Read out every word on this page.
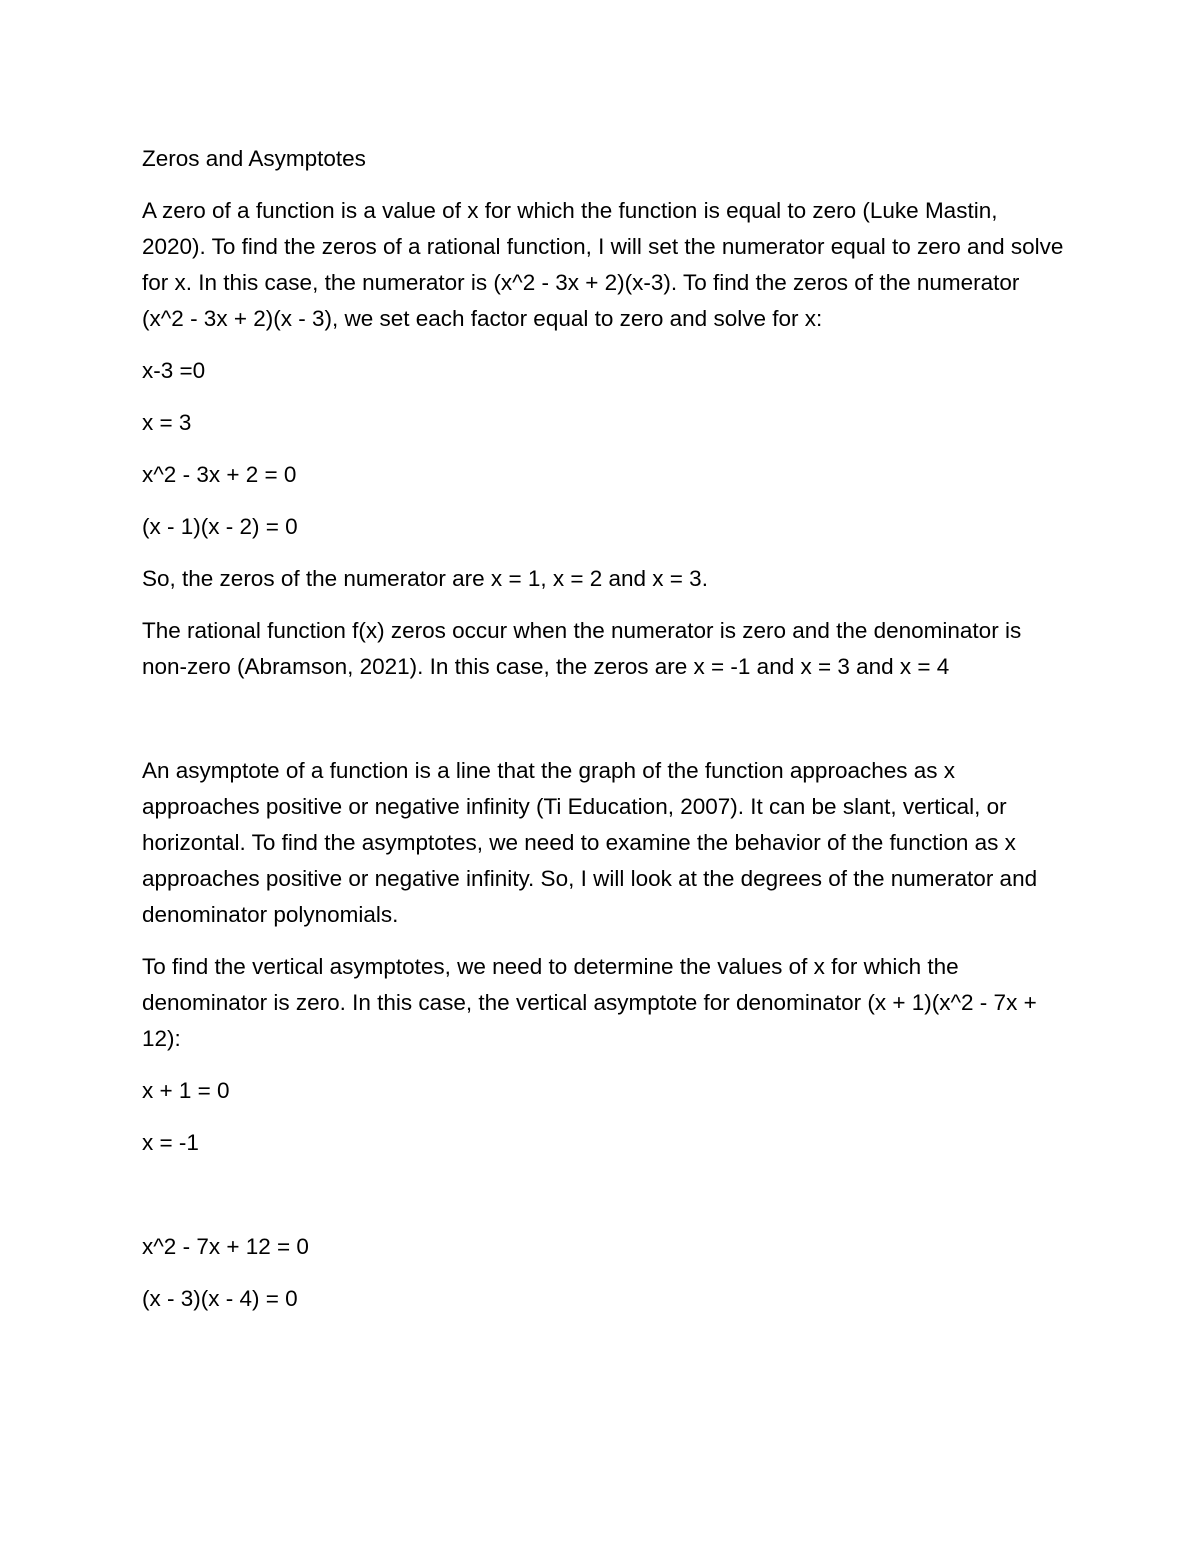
Zeros and Asymptotes

A zero of a function is a value of x for which the function is equal to zero (Luke Mastin, 2020). To find the zeros of a rational function, I will set the numerator equal to zero and solve for x. In this case, the numerator is (x^2 - 3x + 2)(x-3). To find the zeros of the numerator (x^2 - 3x + 2)(x - 3), we set each factor equal to zero and solve for x:

x-3 =0

x = 3

x^2 - 3x + 2 = 0

(x - 1)(x - 2) = 0

So, the zeros of the numerator are x = 1, x = 2 and x = 3.

The rational function f(x) zeros occur when the numerator is zero and the denominator is non-zero (Abramson, 2021). In this case, the zeros are x = -1 and x = 3 and x = 4

An asymptote of a function is a line that the graph of the function approaches as x approaches positive or negative infinity (Ti Education, 2007). It can be slant, vertical, or horizontal. To find the asymptotes, we need to examine the behavior of the function as x approaches positive or negative infinity. So, I will look at the degrees of the numerator and denominator polynomials.

To find the vertical asymptotes, we need to determine the values of x for which the denominator is zero. In this case, the vertical asymptote for denominator (x + 1)(x^2 - 7x + 12):

x + 1 = 0

x = -1

x^2 - 7x + 12 = 0

(x - 3)(x - 4) = 0
